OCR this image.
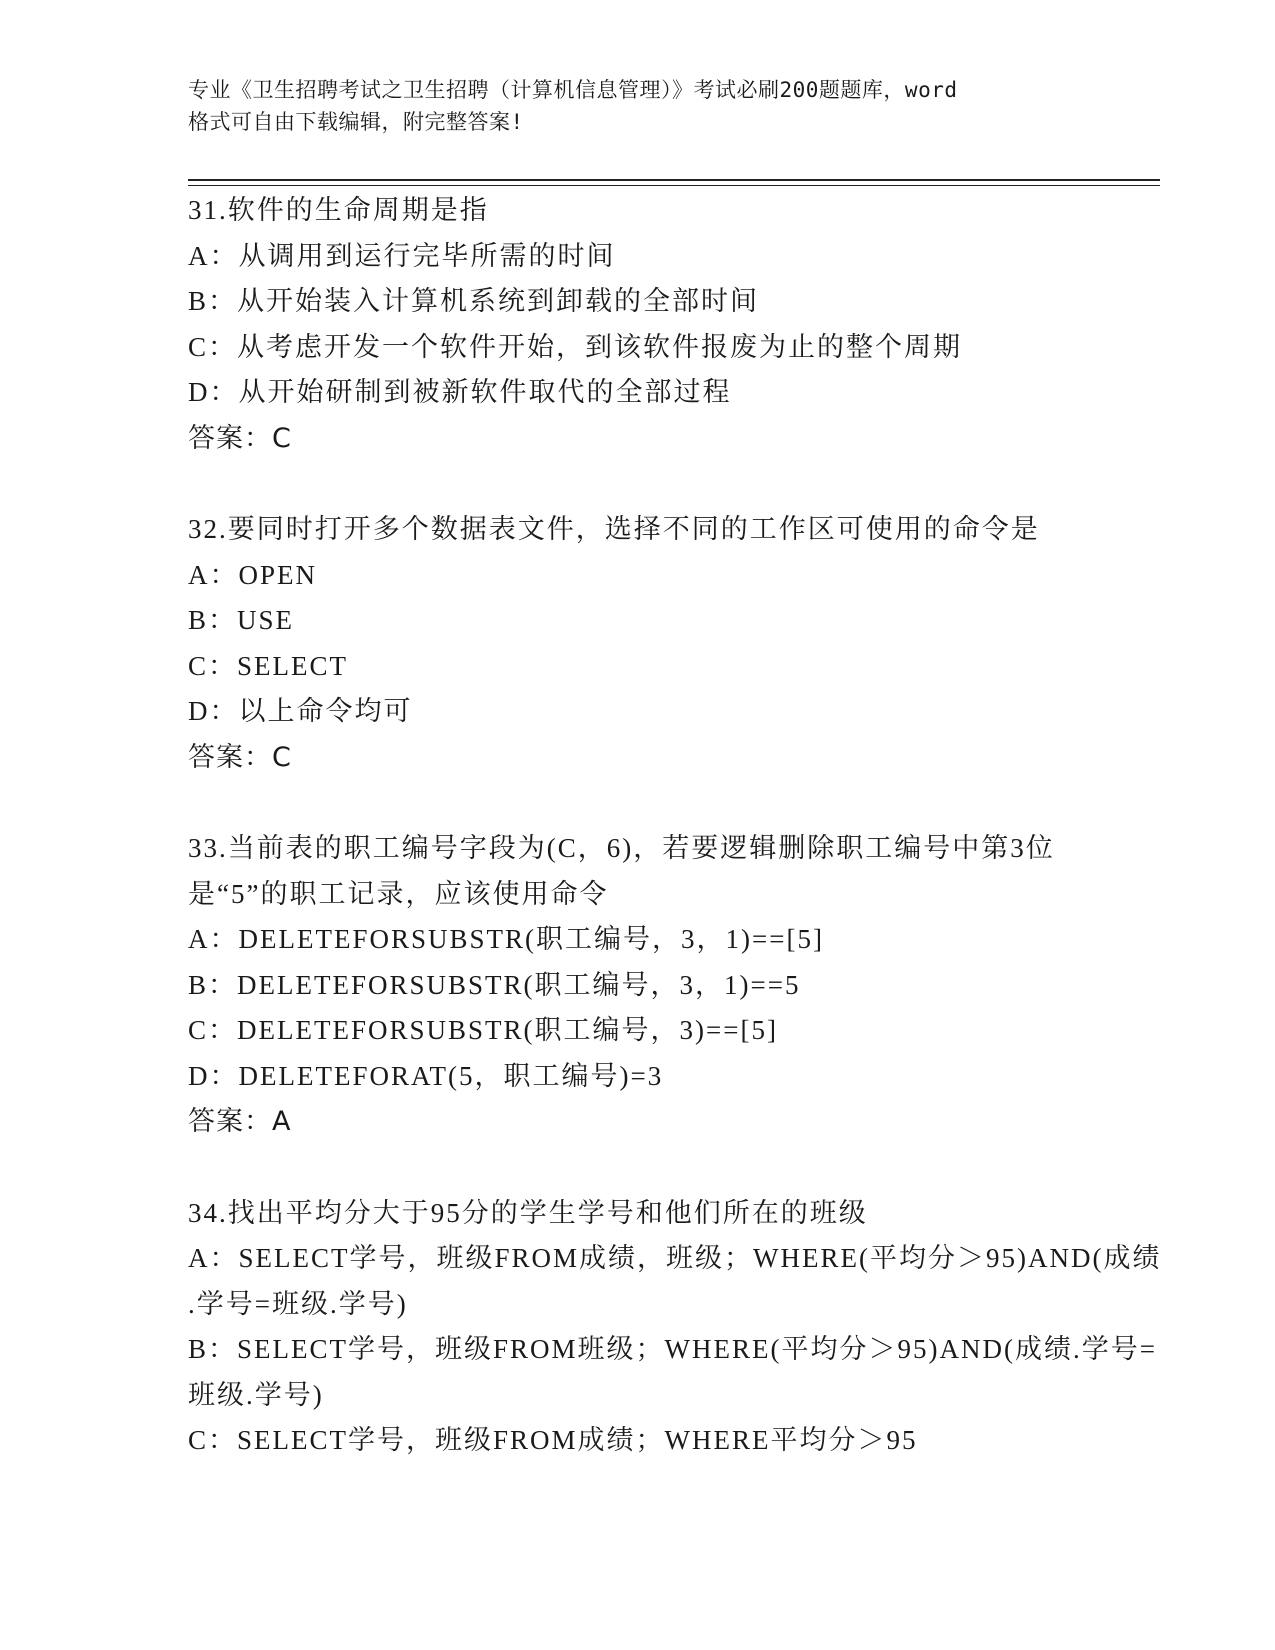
专业《卫生招聘考试之卫生招聘（计算机信息管理）》考试必刷200题题库，word
格式可自由下载编辑，附完整答案!
31.软件的生命周期是指
A：从调用到运行完毕所需的时间
B：从开始装入计算机系统到卸载的全部时间
C：从考虑开发一个软件开始，到该软件报废为止的整个周期
D：从开始研制到被新软件取代的全部过程
答案：C
32.要同时打开多个数据表文件，选择不同的工作区可使用的命令是
A：OPEN
B：USE
C：SELECT
D：以上命令均可
答案：C
33.当前表的职工编号字段为(C，6)，若要逻辑删除职工编号中第3位
是“5”的职工记录，应该使用命令
A：DELETEFORSUBSTR(职工编号，3，1)==[5]
B：DELETEFORSUBSTR(职工编号，3，1)==5
C：DELETEFORSUBSTR(职工编号，3)==[5]
D：DELETEFORAT(5，职工编号)=3
答案：A
34.找出平均分大于95分的学生学号和他们所在的班级
A：SELECT学号，班级FROM成绩，班级；WHERE(平均分＞95)AND(成绩
.学号=班级.学号)
B：SELECT学号，班级FROM班级；WHERE(平均分＞95)AND(成绩.学号=
班级.学号)
C：SELECT学号，班级FROM成绩；WHERE平均分＞95
